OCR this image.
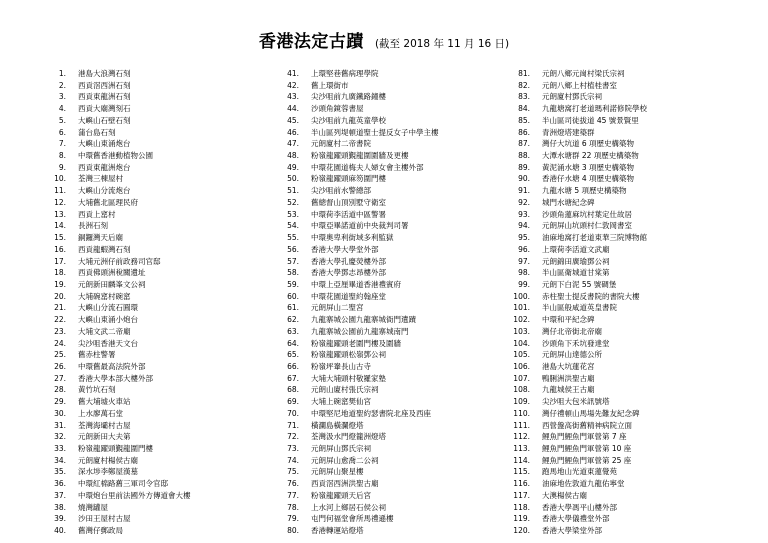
香港法定古蹟 (截至 2018 年 11 月 16 日)
1. 港島大浪灣石刻
2. 西貢滘西洲石刻
3. 西貢東龍洲石刻
4. 西貢大廟灣刻石
5. 大嶼山石壁石刻
6. 蒲台島石刻
7. 大嶼山東涌炮台
8. 中環舊香港動植物公園
9. 西貢東龍洲炮台
10. 荃灣三棟屋村
11. 大嶼山分流炮台
12. 大埔舊北區理民府
13. 西貢上窰村
14. 長洲石刻
15. 銅鑼灣天后廟
16. 西貢龍蝦灣石刻
17. 大埔元洲仔前政務司官邸
18. 西貢佛頭洲稅關遺址
19. 元朗新田麟峯文公祠
20. 大埔碗窰村碗窰
21. 大嶼山分流石圓環
22. 大嶼山東涌小炮台
23. 大埔文武二帝廟
24. 尖沙咀香港天文台
25. 舊赤柱警署
26. 中環舊最高法院外部
27. 香港大學本部大樓外部
28. 黃竹坑石刻
29. 舊大埔墟火車站
30. 上水廖萬石堂
31. 荃灣海壩村古屋
32. 元朗新田大夫第
33. 粉嶺龍躍頭覲龍圍門樓
34. 元朗廈村楊侯古廟
35. 深水埗李鄭屋漢墓
36. 中環紅棉路舊三軍司令官邸
37. 中環炮台里前法國外方傳道會大樓
38. 燒灣罐屋
39. 沙田王屋村古屋
40. 舊灣仔郵政局
41. 上環堅巷舊病理學院
42. 舊上環街市
43. 尖沙咀前九廣鐵路鐘樓
44. 沙頭角鏡蓉書屋
45. 尖沙咀前九龍英童學校
46. 半山區列堤頓道聖士提反女子中學主樓
47. 元朗廈村二帝書院
48. 粉嶺龍躍頭覲龍圍圍牆及更樓
49. 中環花園道梅夫人婦女會主樓外部
50. 粉嶺龍躍頭麻笏圍門樓
51. 尖沙咀前水警總部
52. 舊總督山頂別墅守衛室
53. 中環荷李活道中區警署
54. 中環亞畢諾道前中央裁判司署
55. 中環奧卑利街域多利監獄
56. 香港大學大學堂外部
57. 香港大學孔慶熒樓外部
58. 香港大學鄧志昂樓外部
59. 中環上亞厘畢道香港禮賓府
60. 中環花園道聖約翰座堂
61. 元朗屏山二聖宮
62. 九龍寨城公園九龍寨城衙門遺蹟
63. 九龍寨城公園前九龍寨城南門
64. 粉嶺龍躍頭老圍門樓及圍牆
65. 粉嶺龍躍頭松嶺鄧公祠
66. 粉嶺坪輋長山古寺
67. 大埔大埔頭村敬羅家塾
68. 元朗山廈村張氏宗祠
69. 大埔上碗窰樊仙宮
70. 中環堅尼地道聖約瑟書院北座及西座
71. 橫瀾島橫瀾燈塔
72. 荃灣汲水門燈籠洲燈塔
73. 元朗屏山鄧氏宗祠
74. 元朗屏山愈喬二公祠
75. 元朗屏山聚星樓
76. 西貢滘西洲洪聖古廟
77. 粉嶺龍躍頭天后宮
78. 上水河上鄉居石侯公祠
79. 屯門何福堂會所馬禮遜樓
80. 香港轉運站燈塔
81. 元朗八鄉元崗村梁氏宗祠
82. 元朗八鄉上村植桂書室
83. 元朗廈村鄧氏宗祠
84. 九龍塘窩打老道瑪利諾修院學校
85. 半山區司徒拔道 45 號景賢里
86. 青洲燈塔建築群
87. 灣仔大坑道 6 項歷史構築物
88. 大潭水塘群 22 項歷史構築物
89. 黃泥涌水塘 3 項歷史構築物
90. 香港仔水塘 4 項歷史構築物
91. 九龍水塘 5 項歷史構築物
92. 城門水塘紀念碑
93. 沙頭角蓮麻坑村葉定仕故居
94. 元朗屏山坑頭村仁敦岡書室
95. 油麻地窩打老道東華三院博物館
96. 上環荷李活道文武廟
97. 元朗錦田廣瑜鄧公祠
98. 半山區衛城道甘棠第
99. 元朗下白泥 55 號碉堡
100. 赤柱聖士提反書院的書院大樓
101. 半山區般咸道英皇書院
102. 中環和平紀念碑
103. 灣仔北帝街北帝廟
104. 沙頭角下禾坑發達堂
105. 元朗屏山達德公所
106. 港島大坑蓮花宮
107. 鴨脷洲洪聖古廟
108. 九龍城侯王古廟
109. 尖沙咀大包米訊號塔
110. 灣仔禮頓山馬場先難友紀念碑
111. 西營盤高街舊精神病院立面
112. 鯉魚門鯉魚門軍營第 7 座
113. 鯉魚門鯉魚門軍營第 10 座
114. 鯉魚門鯉魚門軍營第 25 座
115. 跑馬地山光道東蓮覺苑
116. 油麻地佐敦道九龍佑寧堂
117. 大澳楊侯古廟
118. 香港大學馮平山樓外部
119. 香港大學儀禮堂外部
120. 香港大學梁堂外部
